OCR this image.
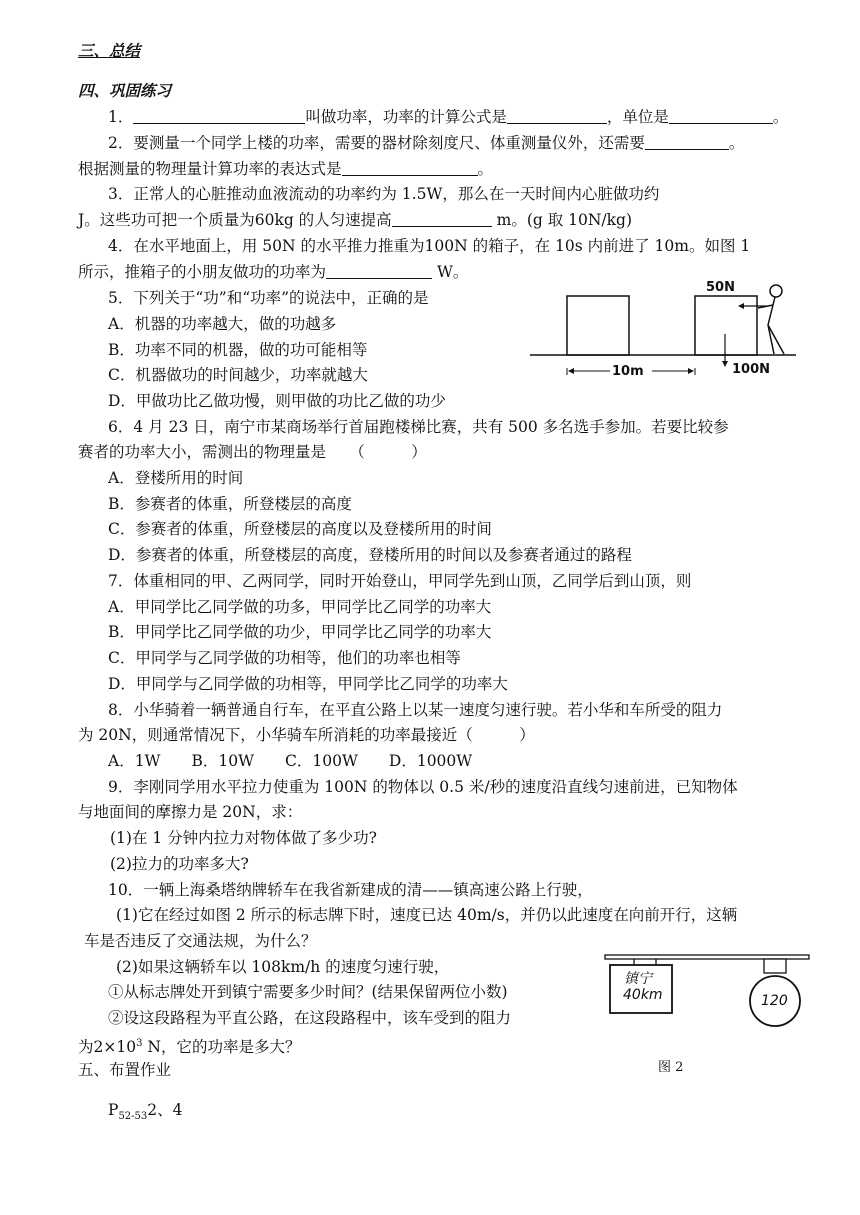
三、总结
四、巩固练习
1．	叫做功率，功率的计算公式是	，单位是	。
2．要测量一个同学上楼的功率，需要的器材除刻度尺、体重测量仪外，还需要	。
根据测量的物理量计算功率的表达式是	。
3．正常人的心脏推动血液流动的功率约为 1.5W，那么在一天时间内心脏做功约
J。这些功可把一个质量为60kg 的人匀速提高	m。(g 取 10N/kg)
4．在水平地面上，用 50N 的水平推力推重为100N 的箱子，在 10s 内前进了 10m。如图 1
所示，推箱子的小朋友做功的功率为	W。
5．下列关于“功”和“功率”的说法中，正确的是
A．机器的功率越大，做的功越多
B．功率不同的机器，做的功可能相等
C．机器做功的时间越少，功率就越大
D．甲做功比乙做功慢，则甲做的功比乙做的功少
50N
10m	100N
6．4 月 23 日，南宁市某商场举行首届跑楼梯比赛，共有 500 多名选手参加。若要比较参
赛者的功率大小，需测出的物理量是　　（　　　）
A．登楼所用的时间
B．参赛者的体重，所登楼层的高度
C．参赛者的体重，所登楼层的高度以及登楼所用的时间
D．参赛者的体重，所登楼层的高度，登楼所用的时间以及参赛者通过的路程
7．体重相同的甲、乙两同学，同时开始登山，甲同学先到山顶，乙同学后到山顶，则
A．甲同学比乙同学做的功多，甲同学比乙同学的功率大
B．甲同学比乙同学做的功少，甲同学比乙同学的功率大
C．甲同学与乙同学做的功相等，他们的功率也相等
D．甲同学与乙同学做的功相等，甲同学比乙同学的功率大
8．小华骑着一辆普通自行车，在平直公路上以某一速度匀速行驶。若小华和车所受的阻力
为 20N，则通常情况下，小华骑车所消耗的功率最接近（　　　）
A．1W　　B．10W　　C．100W　　D．1000W
9．李刚同学用水平拉力使重为 100N 的物体以 0.5 米/秒的速度沿直线匀速前进，已知物体
与地面间的摩擦力是 20N，求：
(1)在 1 分钟内拉力对物体做了多少功?
(2)拉力的功率多大?
10．一辆上海桑塔纳牌轿车在我省新建成的清——镇高速公路上行驶，
(1)它在经过如图 2 所示的标志牌下时，速度已达 40m/s，并仍以此速度在向前开行，这辆
车是否违反了交通法规，为什么？
(2)如果这辆轿车以 108km/h 的速度匀速行驶，
①从标志牌处开到镇宁需要多少时间？(结果保留两位小数)
②设这段路程为平直公路，在这段路程中，该车受到的阻力
为$2\times 10^3$ N，它的功率是多大？
镇宁
40km	120
图 2
五、布置作业
$P_{52-53}2$、4
